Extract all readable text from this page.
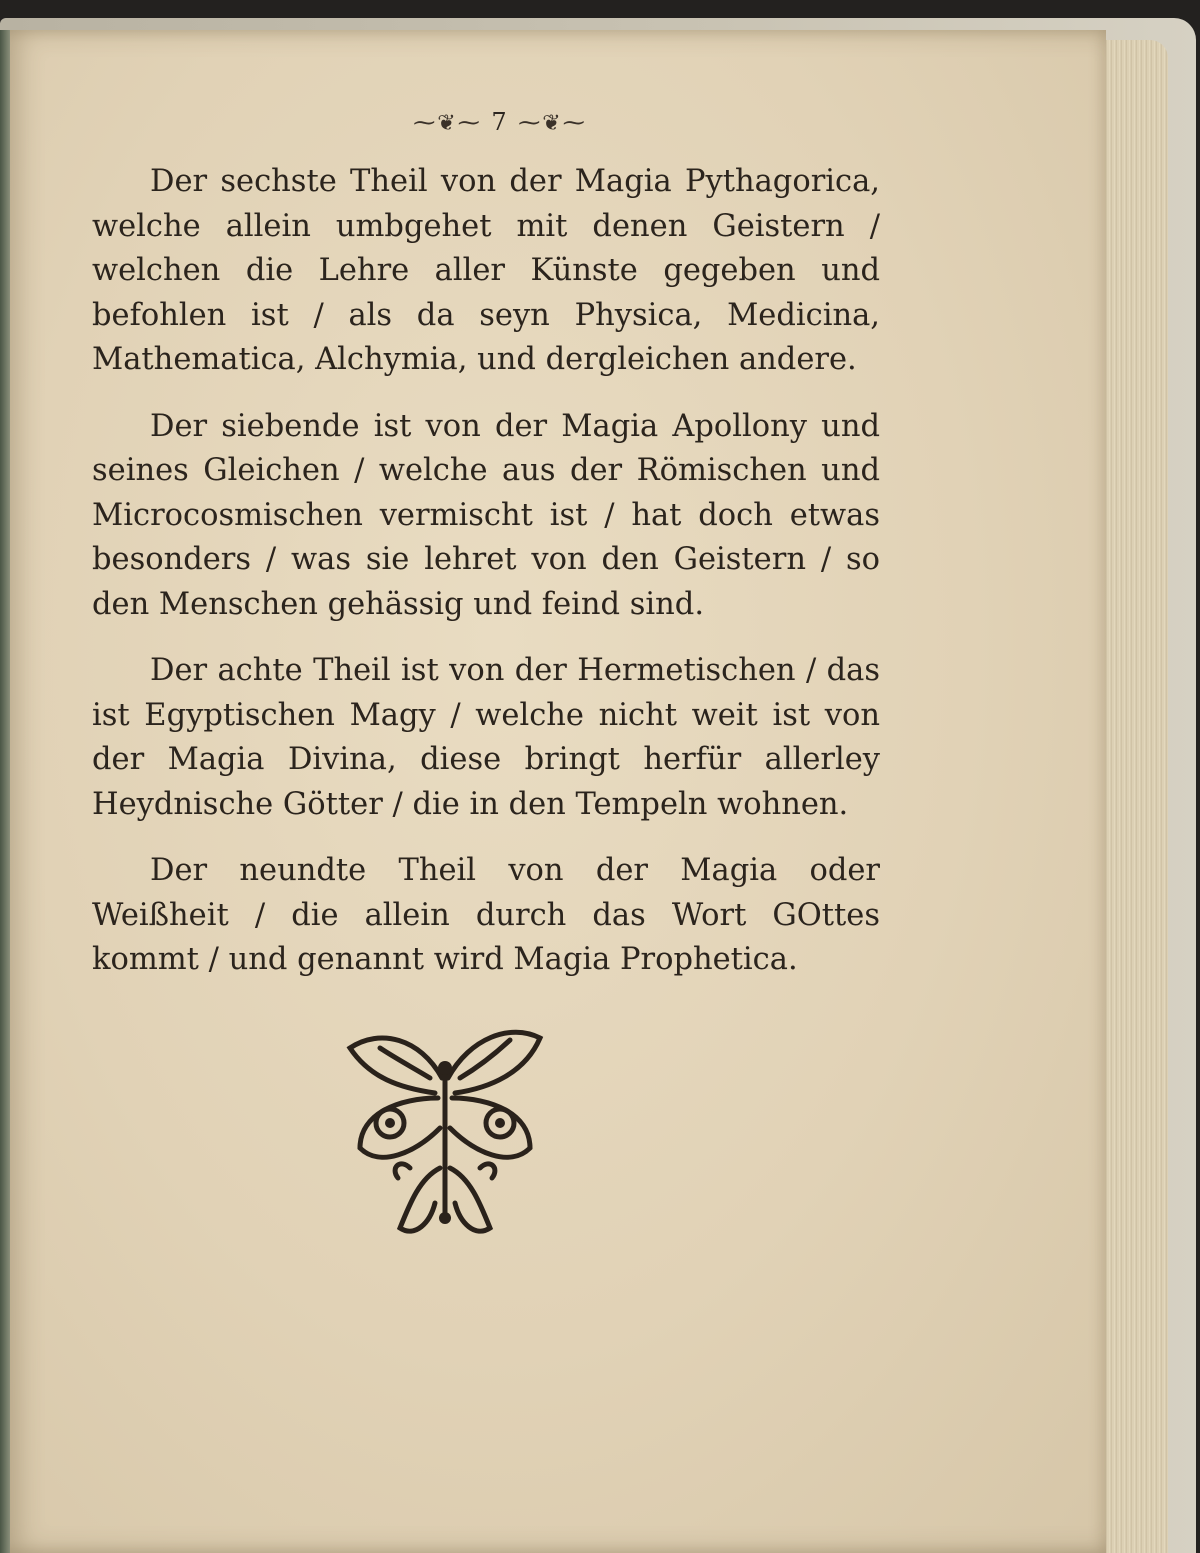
⁓❦⁓ 7 ⁓❦⁓

Der sechste Theil von der Magia Pythagorica, welche allein umbgehet mit denen Geistern / welchen die Lehre aller Künste gegeben und befohlen ist / als da seyn Physica, Medicina, Mathematica, Alchymia, und dergleichen andere.

Der siebende ist von der Magia Apollony und seines Gleichen / welche aus der Römischen und Microcosmischen vermischt ist / hat doch etwas besonders / was sie lehret von den Geistern / so den Menschen gehässig und feind sind.

Der achte Theil ist von der Hermetischen / das ist Egyptischen Magy / welche nicht weit ist von der Magia Divina, diese bringt herfür allerley Heydnische Götter / die in den Tempeln wohnen.

Der neundte Theil von der Magia oder Weißheit / die allein durch das Wort GOttes kommt / und genannt wird Magia Prophetica.
